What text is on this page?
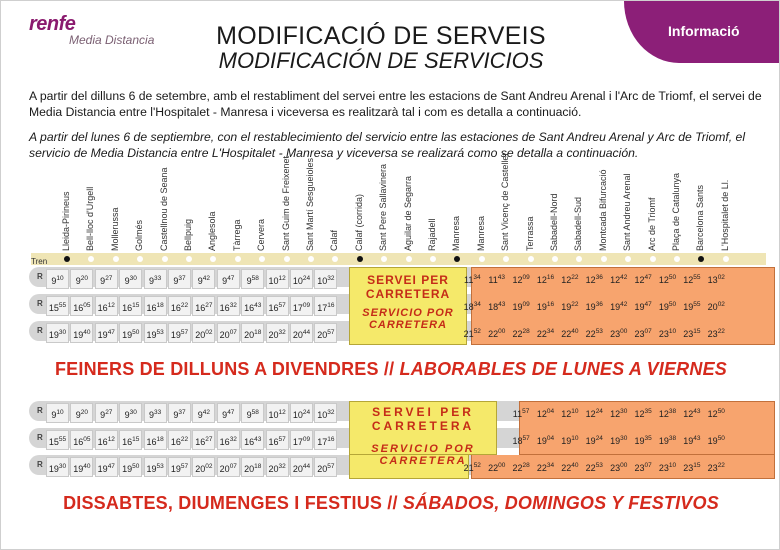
renfe
Media Distancia	MODIFICACIÓ DE SERVEIS
MODIFICACIÓN DE SERVICIOS
Informació
A partir del dilluns 6 de setembre, amb el restabliment del servei entre les estacions de Sant Andreu Arenal i l'Arc de Triomf, el servei de Media Distancia entre l'Hospitalet - Manresa i viceversa es realitzarà tal i com es detalla a continuació.
A partir del lunes 6 de septiembre, con el restablecimiento del servicio entre las estaciones de Sant Andreu Arenal y Arc de Triomf, el servicio de Media Distancia entre L'Hospitalet - Manresa y viceversa se realizará como se detalla a continuación.
Lleida-Pirineus Bell-lloc d'Urgell Mollerussa Golmés Castellnou de Seana Bellpuig Anglesola Tàrrega Cervera Sant Guim de Freixenet Sant Martí Sesgueioles Calaf Calaf (corrida) Sant Pere Sallavinera Aguilar de Segarra Rajadell Manresa Manresa Sant Vicenç de Castellet Terrassa Sabadell-Nord Sabadell-Sud Montcada Bifurcació Sant Andreu Arenal Arc de Triomf Plaça de Catalunya Barcelona Sants L'Hospitalet de Ll.
Tren
R
R
R	SERVEI PER CARRETERA
SERVICIO POR CARRETERA
$9^{10}$	$9^{20}$	$9^{27}$	$9^{30}$	$9^{33}$	$9^{37}$	$9^{42}$	$9^{47}$	$9^{58}$	$10^{12}$ $10^{24}$ $10^{32}$	$11^{34}$ $11^{43}$ $12^{09}$ $12^{16}$ $12^{22}$ $12^{36}$ $12^{42}$ $12^{47}$ $12^{50}$ $12^{55}$ $13^{02}$
$15^{55}$ $16^{05}$ $16^{12}$ $16^{15}$ $16^{18}$ $16^{22}$ $16^{27}$ $16^{32}$ $16^{43}$ $16^{57}$ $17^{09}$ $17^{16}$	$18^{34}$ $18^{43}$ $19^{09}$ $19^{16}$ $19^{22}$ $19^{36}$ $19^{42}$ $19^{47}$ $19^{50}$ $19^{55}$ $20^{02}$
$19^{30}$ $19^{40}$ $19^{47}$ $19^{50}$ $19^{53}$ $19^{57}$ $20^{02}$ $20^{07}$ $20^{18}$ $20^{32}$ $20^{44}$ $20^{57}$	$21^{52}$ $22^{00}$ $22^{28}$ $22^{34}$ $22^{40}$ $22^{53}$ $23^{00}$ $23^{07}$ $23^{10}$ $23^{15}$ $23^{22}$
FEINERS DE DILLUNS A DIVENDRES // LABORABLES DE LUNES A VIERNES
R
R
R	SERVEI PER CARRETERA
SERVICIO POR CARRETERA
$9^{10}$	$9^{20}$	$9^{27}$	$9^{30}$	$9^{33}$	$9^{37}$	$9^{42}$	$9^{47}$	$9^{58}$	$10^{12}$ $10^{24}$ $10^{32}$	$11^{57}$ $12^{04}$ $12^{10}$ $12^{24}$ $12^{30}$ $12^{35}$ $12^{38}$ $12^{43}$ $12^{50}$
$15^{55}$ $16^{05}$ $16^{12}$ $16^{15}$ $16^{18}$ $16^{22}$ $16^{27}$ $16^{32}$ $16^{43}$ $16^{57}$ $17^{09}$ $17^{16}$	$18^{57}$ $19^{04}$ $19^{10}$ $19^{24}$ $19^{30}$ $19^{35}$ $19^{38}$ $19^{43}$ $19^{50}$
$19^{30}$ $19^{40}$ $19^{47}$ $19^{50}$ $19^{53}$ $19^{57}$ $20^{02}$ $20^{07}$ $20^{18}$ $20^{32}$ $20^{44}$ $20^{57}$	$21^{52}$ $22^{00}$ $22^{28}$ $22^{34}$ $22^{40}$ $22^{53}$ $23^{00}$ $23^{07}$ $23^{10}$ $23^{15}$ $23^{22}$
DISSABTES, DIUMENGES I FESTIUS // SÁBADOS, DOMINGOS Y FESTIVOS
